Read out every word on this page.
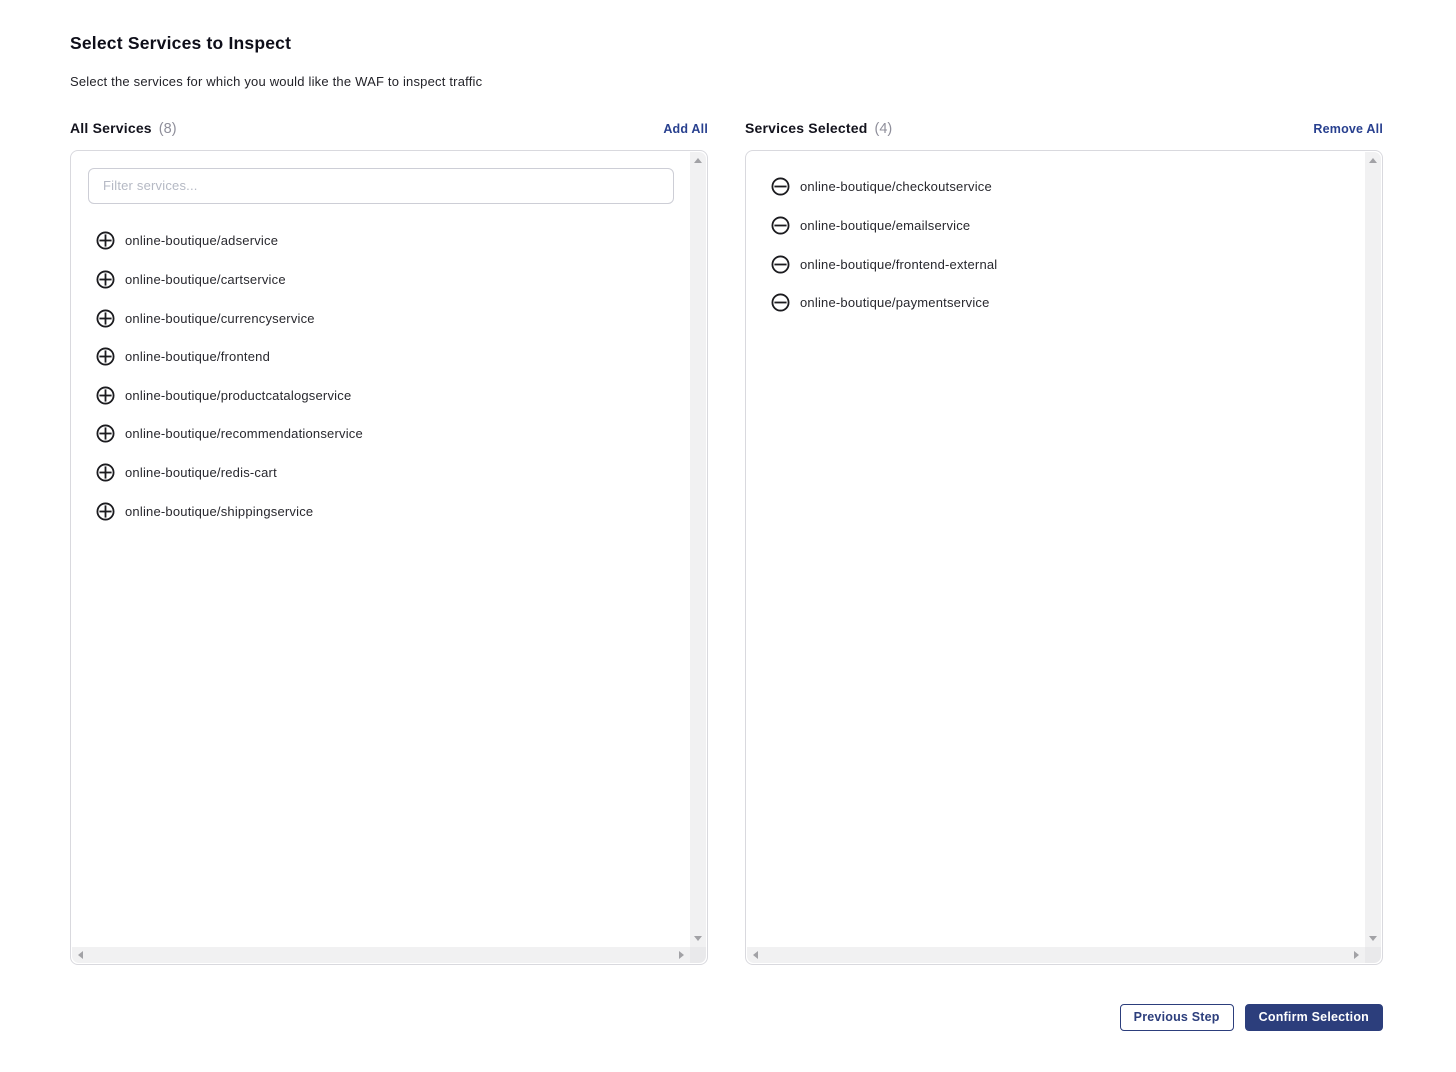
Select Services to Inspect

Select the services for which you would like the WAF to inspect traffic

All Services (8)	Add All
Filter services...
online-boutique/adservice
online-boutique/cartservice
online-boutique/currencyservice
online-boutique/frontend
online-boutique/productcatalogservice
online-boutique/recommendationservice
online-boutique/redis-cart
online-boutique/shippingservice
Services Selected (4)	Remove All
online-boutique/checkoutservice
online-boutique/emailservice
online-boutique/frontend-external
online-boutique/paymentservice
Previous Step	Confirm Selection
